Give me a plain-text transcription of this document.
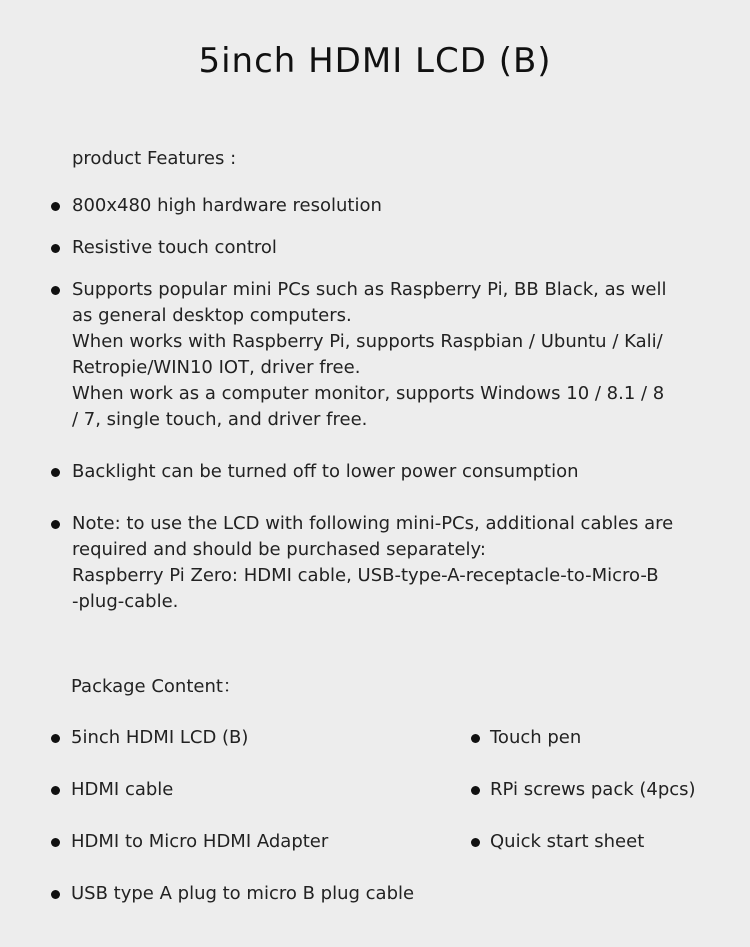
5inch HDMI LCD (B)
product Features :
800x480 high hardware resolution
Resistive touch control
Supports popular mini PCs such as Raspberry Pi, BB Black, as well
as general desktop computers.
When works with Raspberry Pi, supports Raspbian / Ubuntu / Kali/
Retropie/WIN10 IOT, driver free.
When work as a computer monitor, supports Windows 10 / 8.1 / 8
/ 7, single touch, and driver free.
Backlight can be turned off to lower power consumption
Note: to use the LCD with following mini-PCs, additional cables are
required and should be purchased separately:
Raspberry Pi Zero: HDMI cable, USB-type-A-receptacle-to-Micro-B
-plug-cable.
Package Content：
5inch HDMI LCD (B)
HDMI cable
HDMI to Micro HDMI Adapter
USB type A plug to micro B plug cable
Touch pen
RPi screws pack (4pcs)
Quick start sheet
